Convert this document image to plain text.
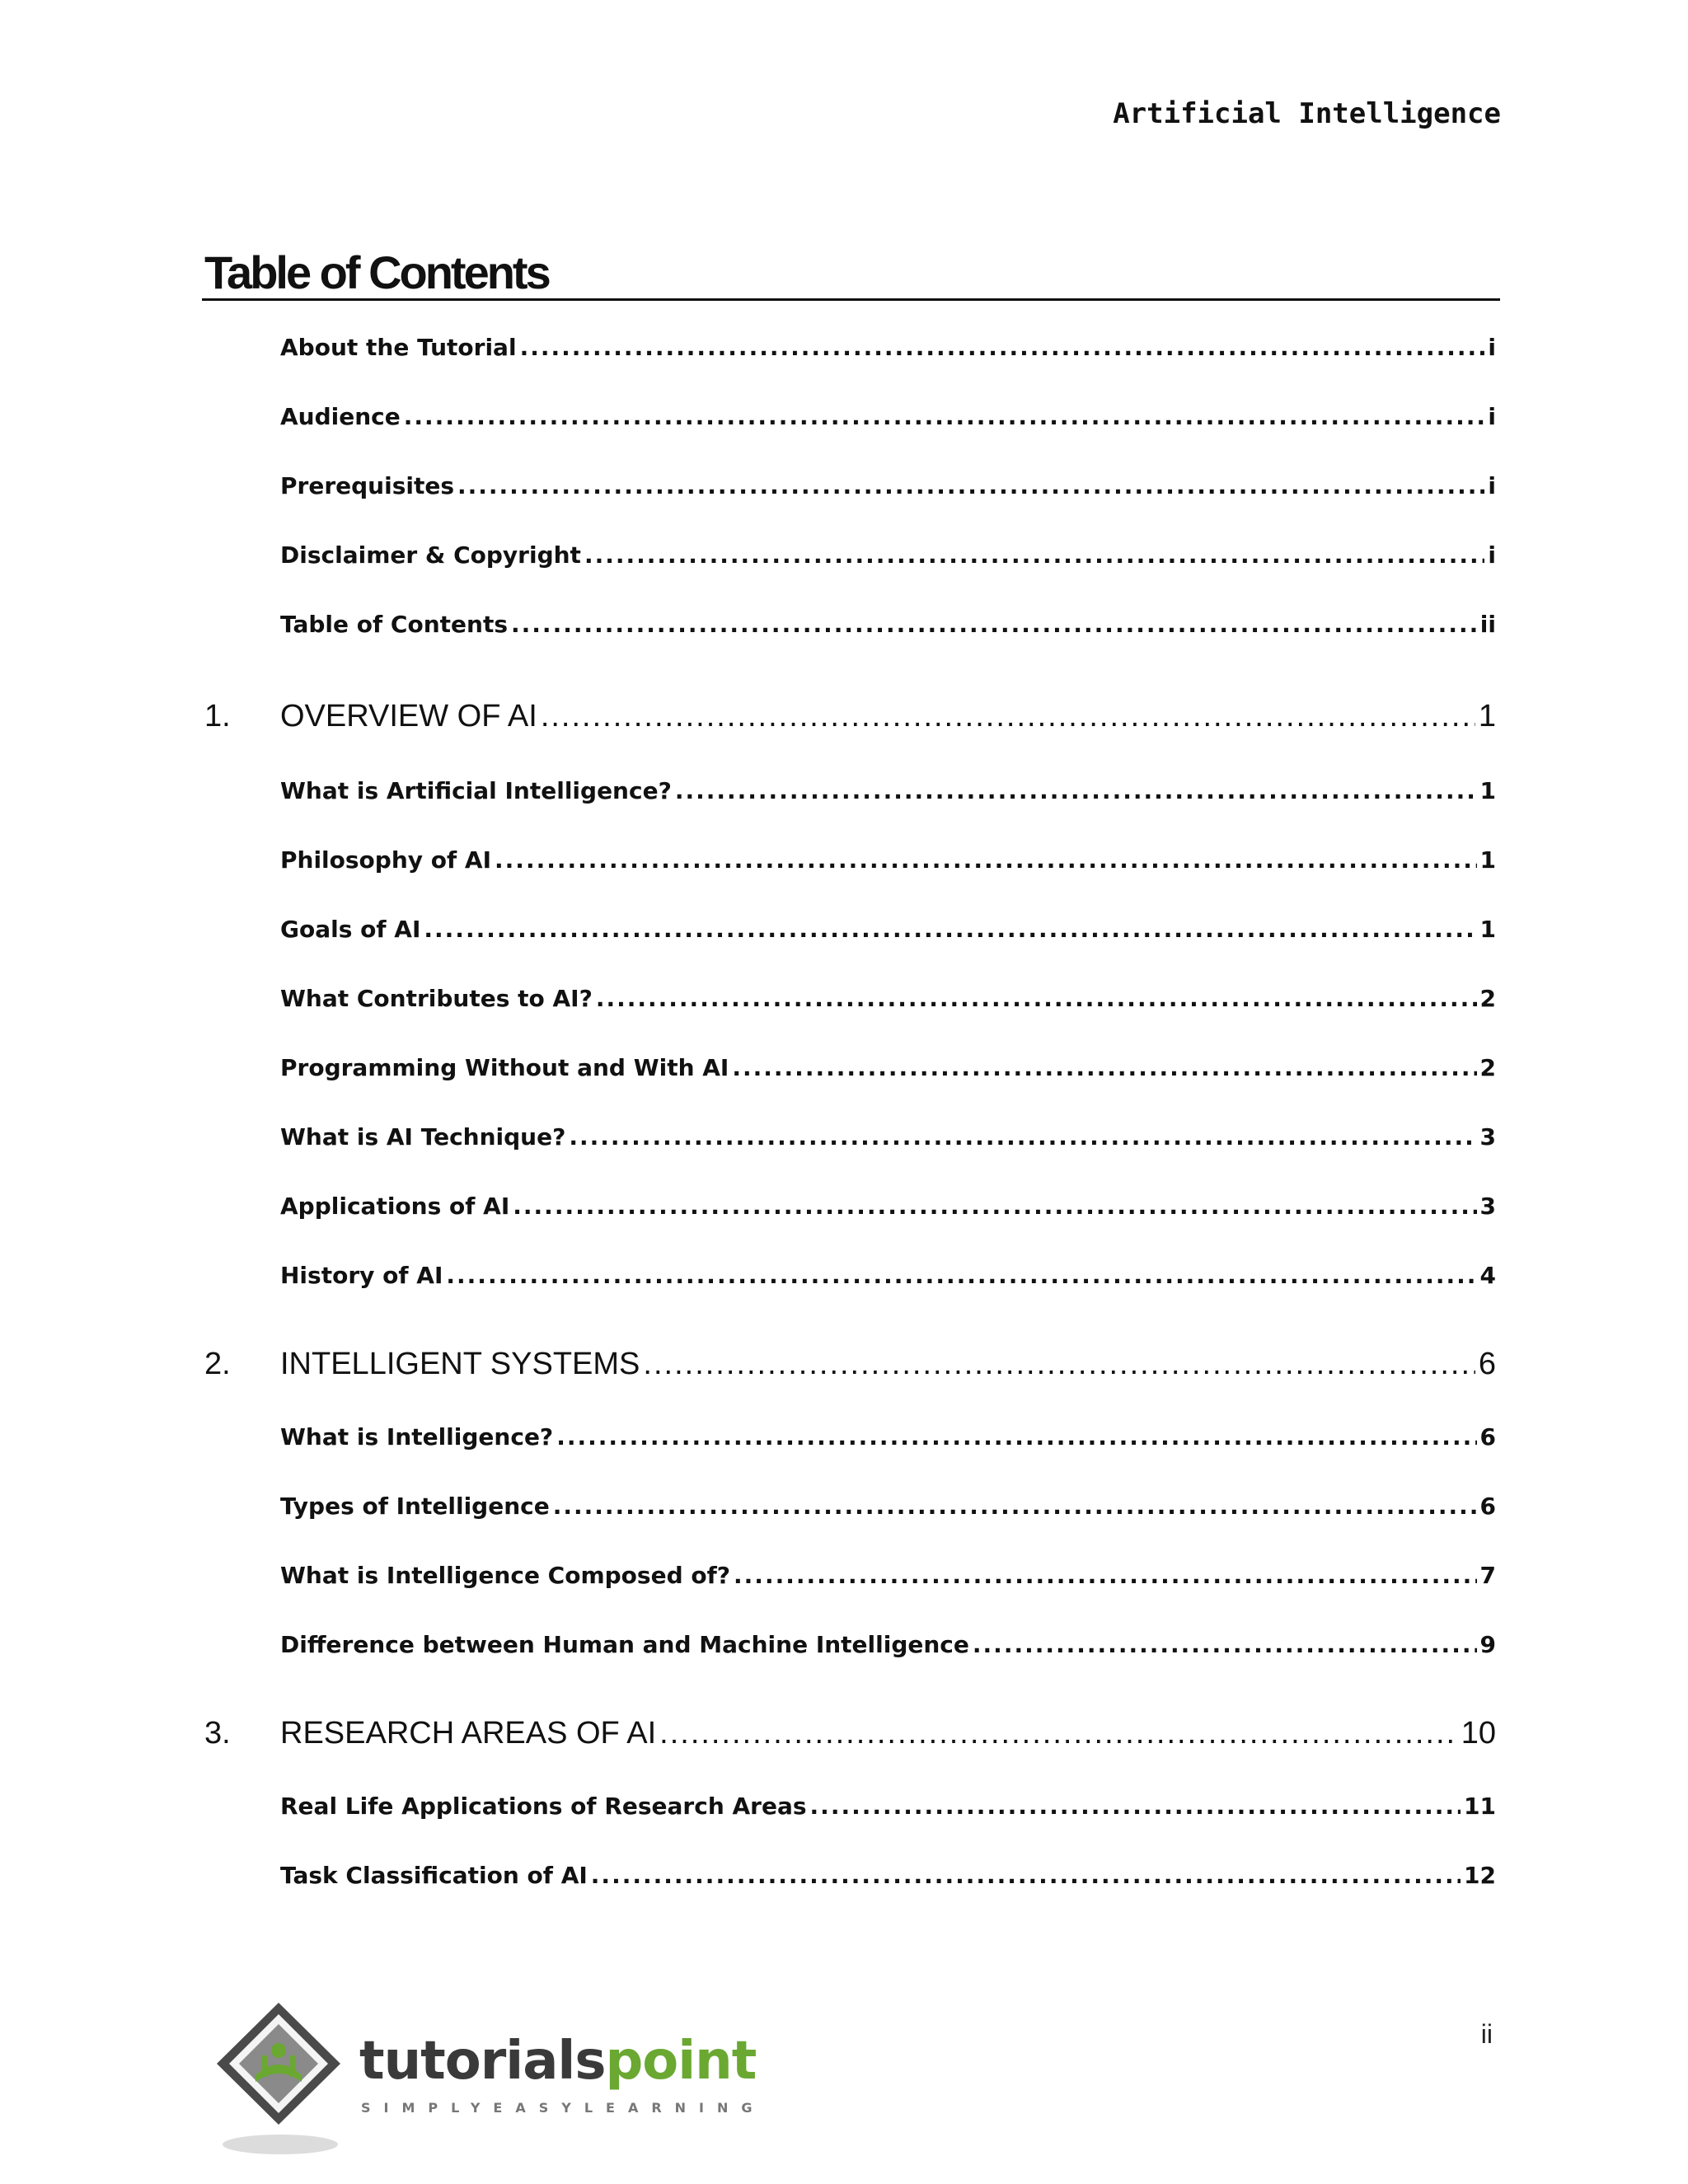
Artificial Intelligence
Table of Contents
About the Tutorial .....	i
Audience .....	i
Prerequisites .....	i
Disclaimer & Copyright .....	i
Table of Contents .....	ii
1. OVERVIEW OF AI .....	1
What is Artificial Intelligence? .....	1
Philosophy of AI .....	1
Goals of AI .....	1
What Contributes to AI? .....	2
Programming Without and With AI .....	2
What is AI Technique? .....	3
Applications of AI .....	3
History of AI .....	4
2. INTELLIGENT SYSTEMS .....	6
What is Intelligence? .....	6
Types of Intelligence .....	6
What is Intelligence Composed of? .....	7
Difference between Human and Machine Intelligence .....	9
3. RESEARCH AREAS OF AI .....	10
Real Life Applications of Research Areas .....	11
Task Classification of AI .....	12
tutorialspoint
SIMPLYEASYLEARNING
ii
